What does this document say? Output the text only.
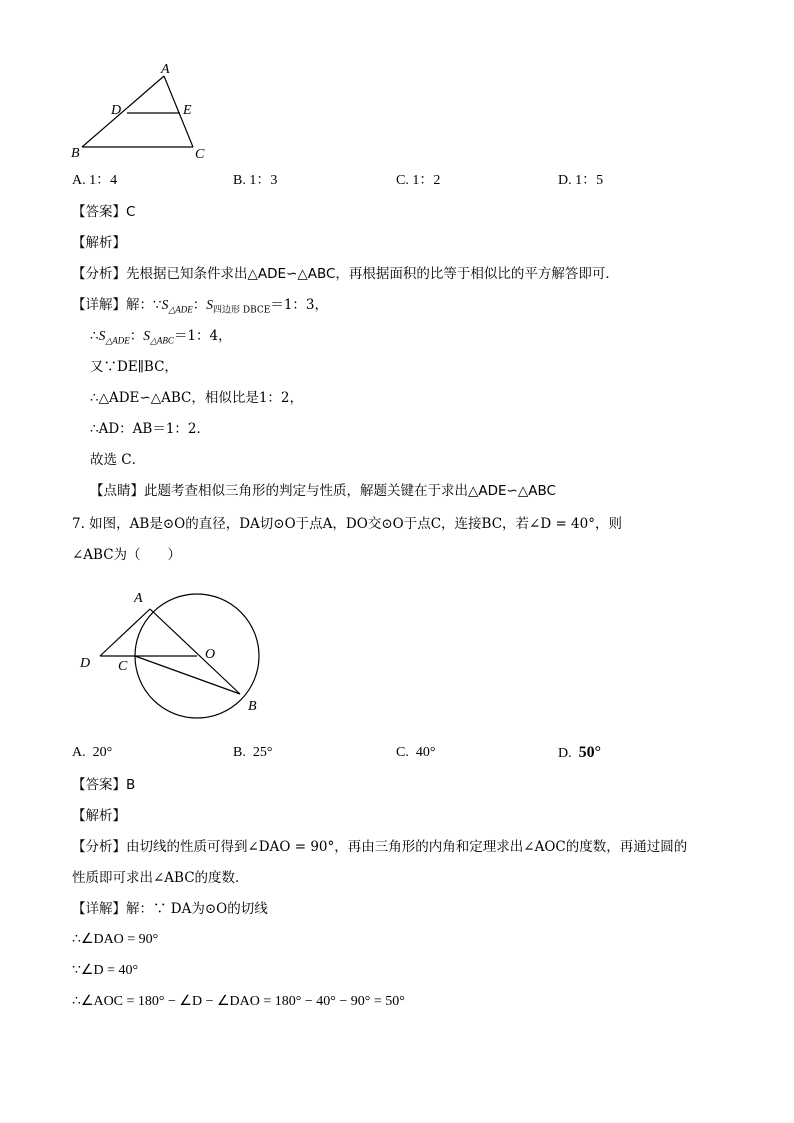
A
D	E
B	C
A. 1：4	B. 1：3	C. 1：2	D. 1：5
【答案】C
【解析】
【分析】先根据已知条件求出△ADE∽△ABC，再根据面积的比等于相似比的平方解答即可．
【详解】解：$\because S_{\triangle ADE}$：$S_{四边形 DBCE}=1$：3，
$\therefore S_{\triangle ADE}$：$S_{\triangle ABC}=1$：4，
又∵DE∥BC，
∴△ADE∽△ABC，相似比是1：2，
∴AD：AB＝1：2．
故选 C．
【点睛】此题考查相似三角形的判定与性质，解题关键在于求出△ADE∽△ABC
7. 如图，AB是⊙O的直径，DA切⊙O于点A，DO交⊙O于点C，连接BC，若∠D = 40°，则
∠ABC为（　　）
A
D C
O
B
A. 20°	B. 25°	C. 40°	D. 50°
【答案】B
【解析】
【分析】由切线的性质可得到∠DAO = 90°，再由三角形的内角和定理求出∠AOC的度数，再通过圆的
性质即可求出∠ABC的度数．
【详解】解：∵ DA为⊙O的切线
∴∠DAO = 90°
∵∠D = 40°
∴∠AOC = 180° − ∠D − ∠DAO = 180° − 40° − 90° = 50°
